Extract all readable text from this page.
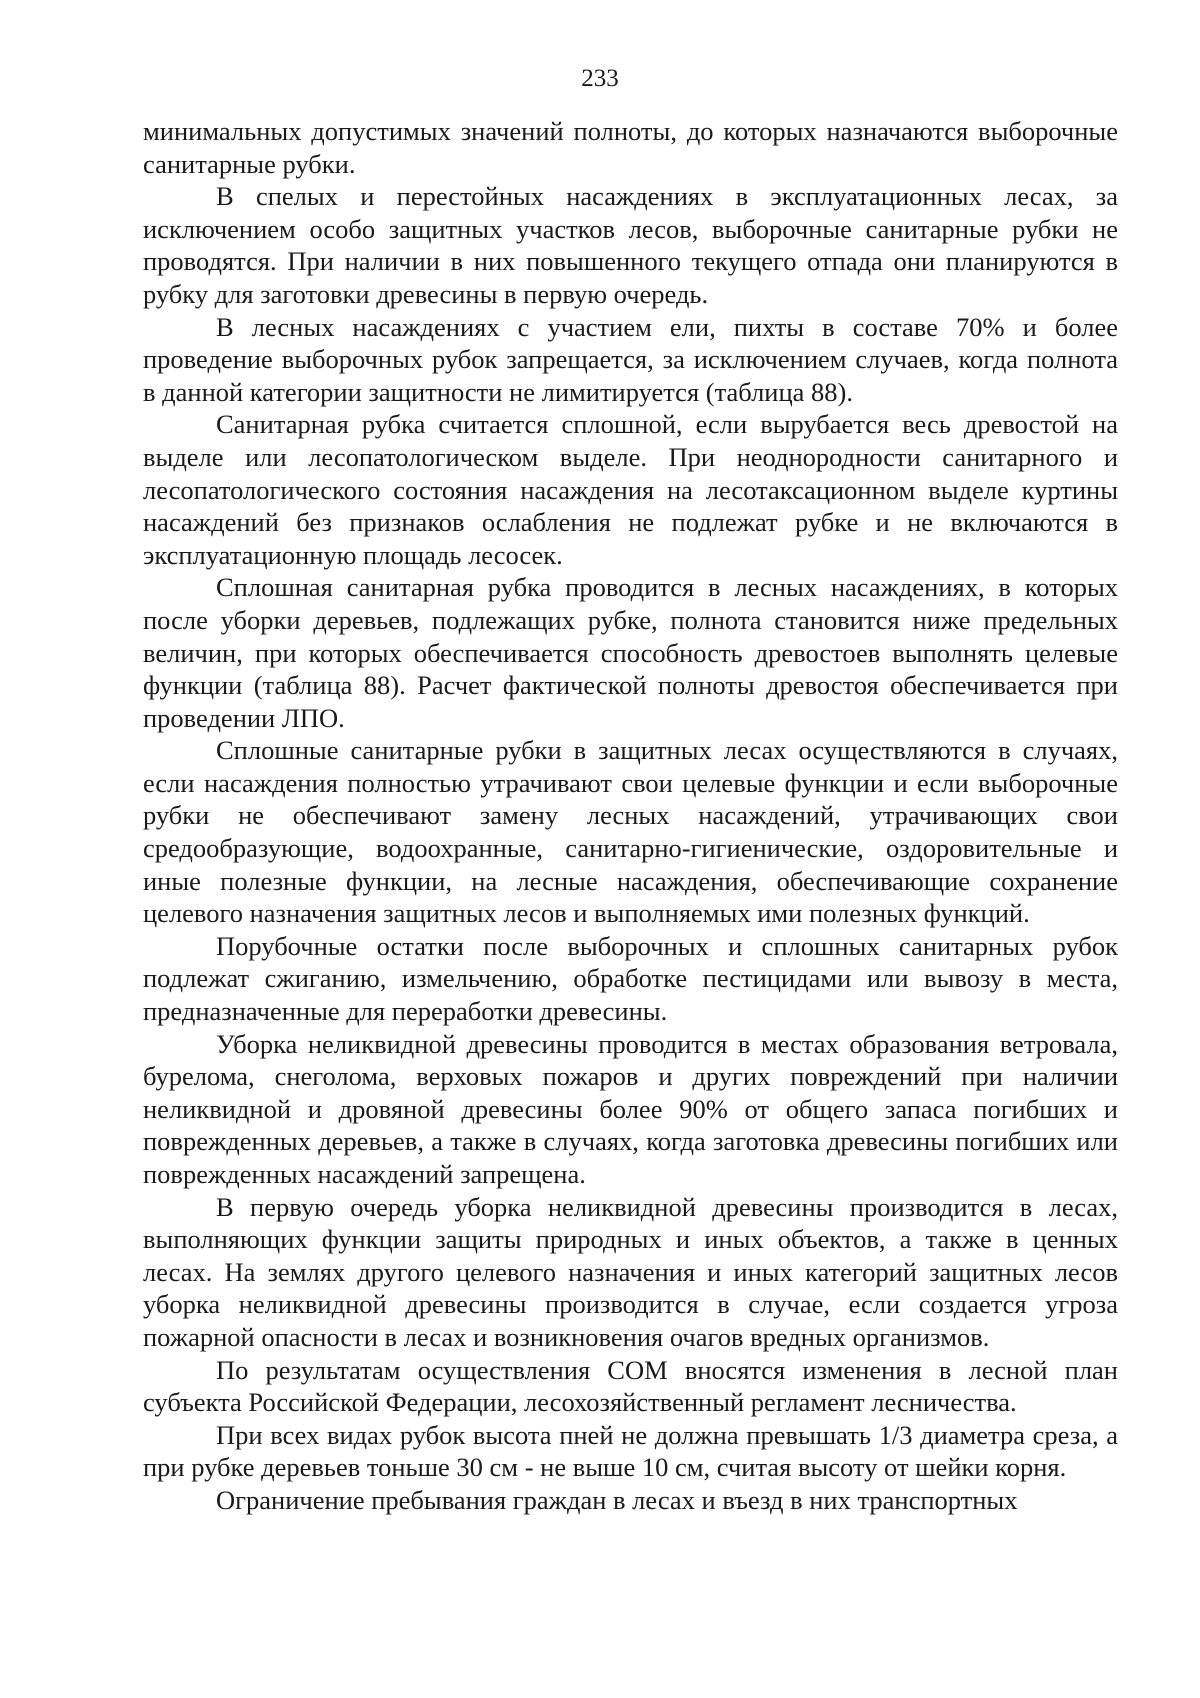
233

минимальных допустимых значений полноты, до которых назначаются выборочные санитарные рубки.

В спелых и перестойных насаждениях в эксплуатационных лесах, за исключением особо защитных участков лесов, выборочные санитарные рубки не проводятся. При наличии в них повышенного текущего отпада они планируются в рубку для заготовки древесины в первую очередь.

В лесных насаждениях с участием ели, пихты в составе 70% и более проведение выборочных рубок запрещается, за исключением случаев, когда полнота в данной категории защитности не лимитируется (таблица 88).

Санитарная рубка считается сплошной, если вырубается весь древостой на выделе или лесопатологическом выделе. При неоднородности санитарного и лесопатологического состояния насаждения на лесотаксационном выделе куртины насаждений без признаков ослабления не подлежат рубке и не включаются в эксплуатационную площадь лесосек.

Сплошная санитарная рубка проводится в лесных насаждениях, в которых после уборки деревьев, подлежащих рубке, полнота становится ниже предельных величин, при которых обеспечивается способность древостоев выполнять целевые функции (таблица 88). Расчет фактической полноты древостоя обеспечивается при проведении ЛПО.

Сплошные санитарные рубки в защитных лесах осуществляются в случаях, если насаждения полностью утрачивают свои целевые функции и если выборочные рубки не обеспечивают замену лесных насаждений, утрачивающих свои средообразующие, водоохранные, санитарно-гигиенические, оздоровительные и иные полезные функции, на лесные насаждения, обеспечивающие сохранение целевого назначения защитных лесов и выполняемых ими полезных функций.

Порубочные остатки после выборочных и сплошных санитарных рубок подлежат сжиганию, измельчению, обработке пестицидами или вывозу в места, предназначенные для переработки древесины.

Уборка неликвидной древесины проводится в местах образования ветровала, бурелома, снеголома, верховых пожаров и других повреждений при наличии неликвидной и дровяной древесины более 90% от общего запаса погибших и поврежденных деревьев, а также в случаях, когда заготовка древесины погибших или поврежденных насаждений запрещена.

В первую очередь уборка неликвидной древесины производится в лесах, выполняющих функции защиты природных и иных объектов, а также в ценных лесах. На землях другого целевого назначения и иных категорий защитных лесов уборка неликвидной древесины производится в случае, если создается угроза пожарной опасности в лесах и возникновения очагов вредных организмов.

По результатам осуществления СОМ вносятся изменения в лесной план субъекта Российской Федерации, лесохозяйственный регламент лесничества.

При всех видах рубок высота пней не должна превышать 1/3 диаметра среза, а при рубке деревьев тоньше 30 см - не выше 10 см, считая высоту от шейки корня.

Ограничение пребывания граждан в лесах и въезд в них транспортных
